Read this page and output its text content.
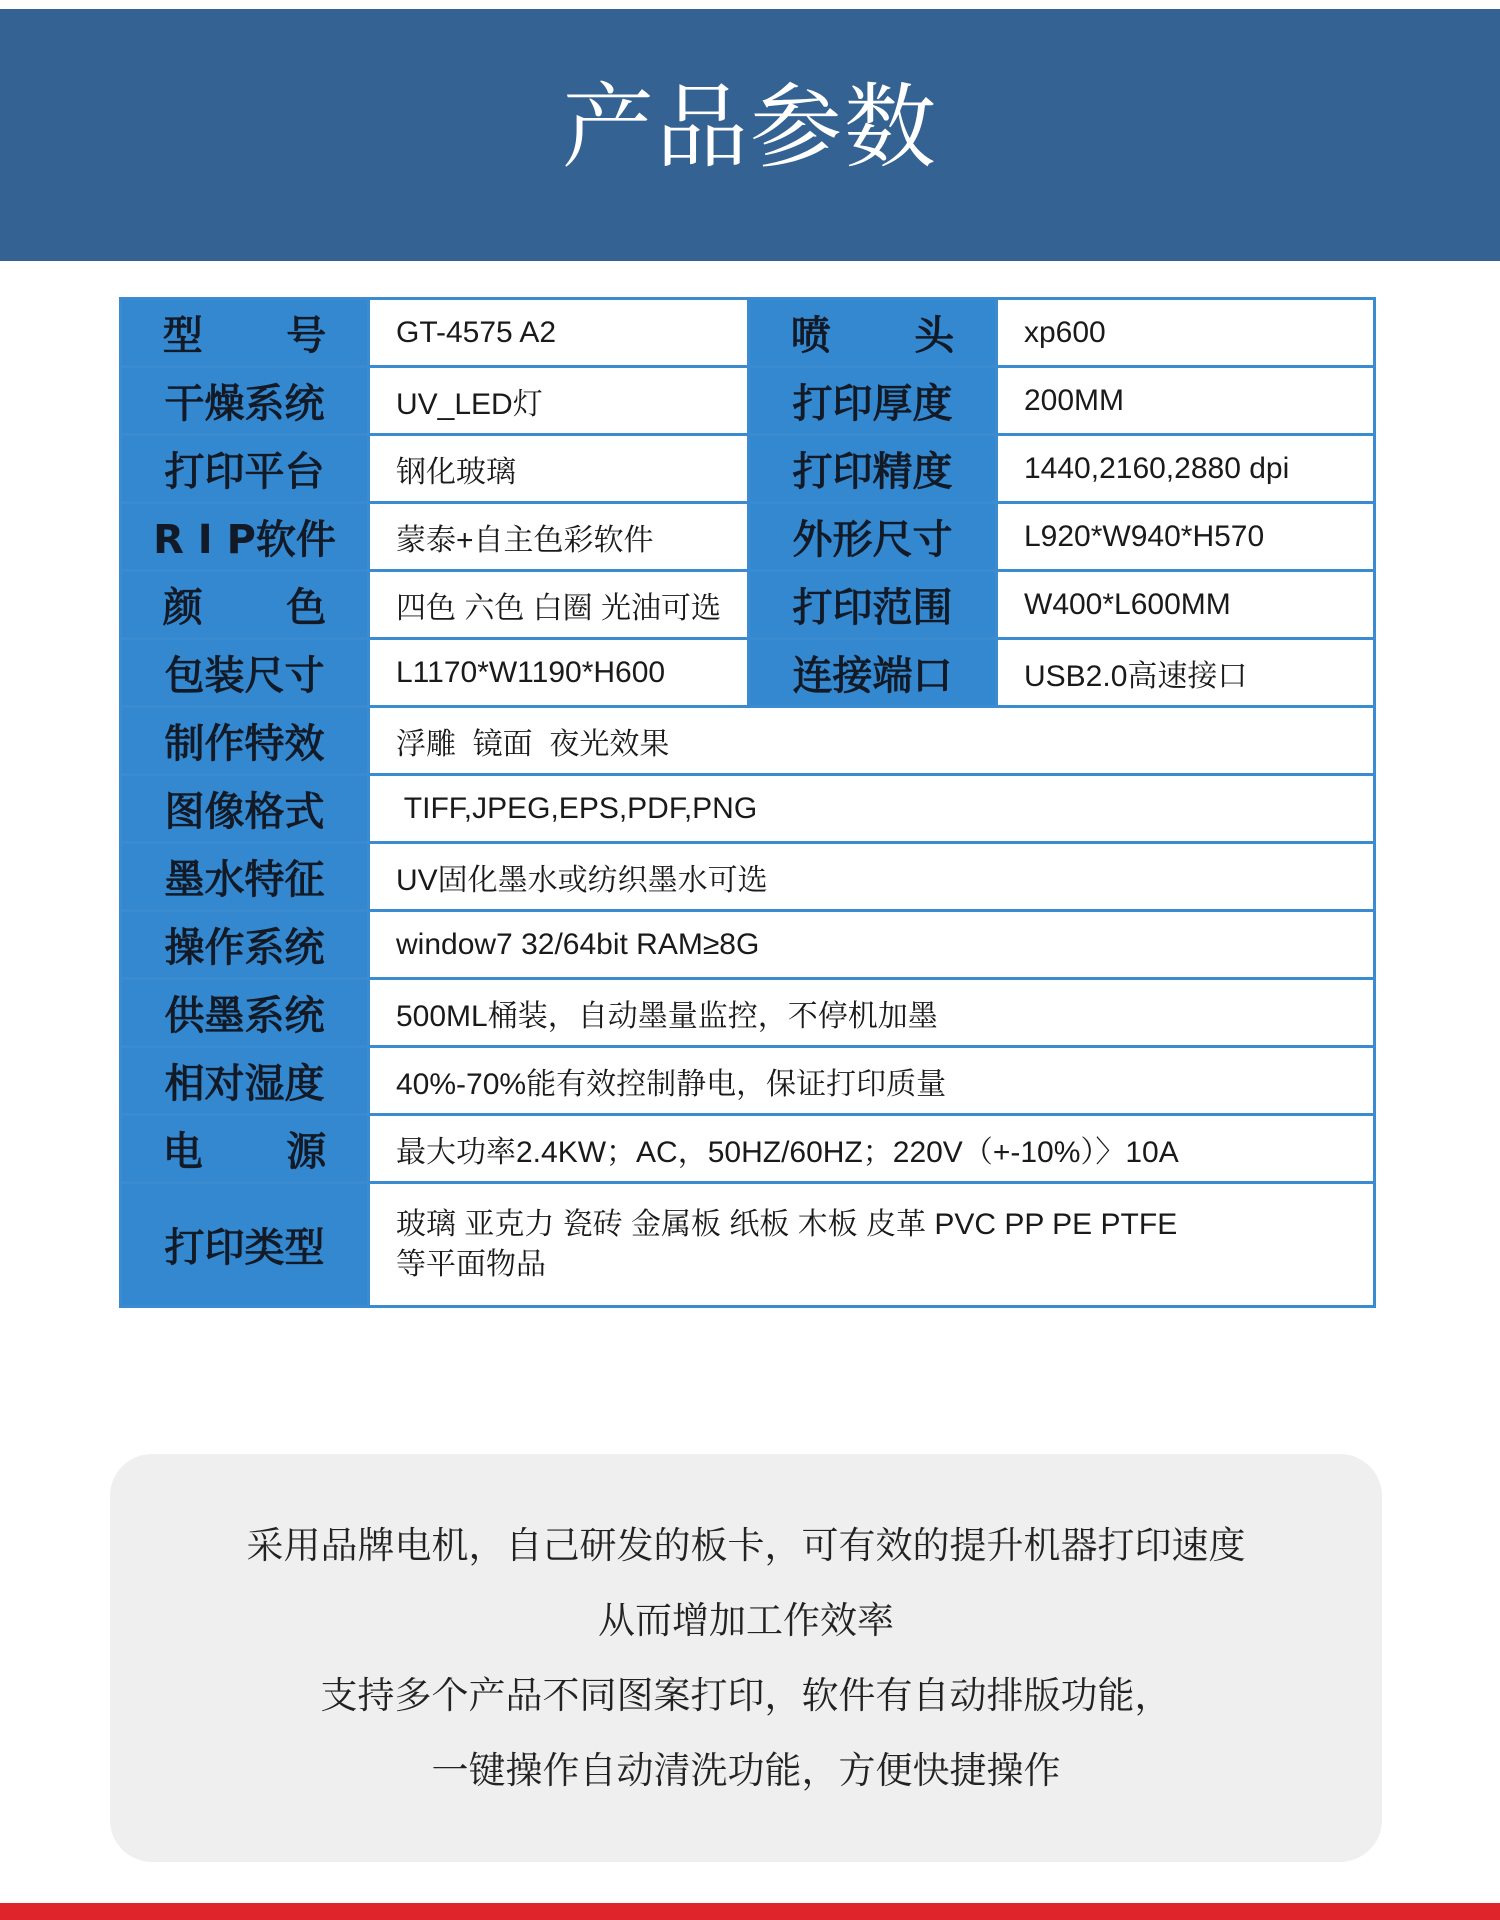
产品参数
型      号	GT-4575 A2	喷      头	xp600
干燥系统	UV_LED灯	打印厚度	200MM
打印平台	钢化玻璃	打印精度	1440,2160,2880 dpi
R I P软件	蒙泰+自主色彩软件	外形尺寸	L920*W940*H570
颜      色	四色 六色 白圈 光油可选	打印范围	W400*L600MM
包装尺寸	L1170*W1190*H600	连接端口	USB2.0高速接口
制作特效	浮雕  镜面  夜光效果		
图像格式	TIFF,JPEG,EPS,PDF,PNG		
墨水特征	UV固化墨水或纺织墨水可选		
操作系统	window7 32/64bit RAM≥8G		
供墨系统	500ML桶装，自动墨量监控，不停机加墨		
相对湿度	40%-70%能有效控制静电，保证打印质量		
电      源	最大功率2.4KW；AC，50HZ/60HZ；220V（+-10%）〉10A		
打印类型	玻璃 亚克力 瓷砖 金属板 纸板 木板 皮革 PVC PP PE PTFE
等平面物品		
采用品牌电机，自己研发的板卡，可有效的提升机器打印速度
从而增加工作效率
支持多个产品不同图案打印，软件有自动排版功能，
一键操作自动清洗功能，方便快捷操作
